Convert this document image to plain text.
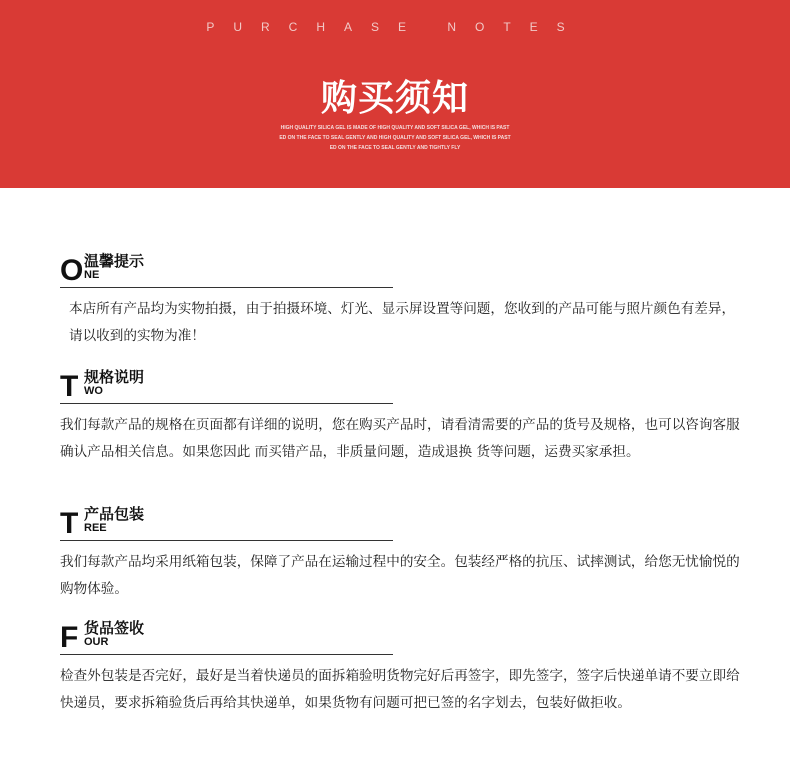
PURCHASE NOTES
购买须知
HIGH QUALITY SILICA GEL IS MADE OF HIGH QUALITY AND SOFT SILICA GEL, WHICH IS PAST
ED ON THE FACE TO SEAL GENTLY AND HIGH QUALITY AND SOFT SILICA GEL, WHICH IS PAST
ED ON THE FACE TO SEAL GENTLY AND TIGHTLY FLY
O 温馨提示
NE
本店所有产品均为实物拍摄，由于拍摄环境、灯光、显示屏设置等问题，您收到的产品可能与照片颜色有差异，请以收到的实物为准！
T 规格说明
WO
我们每款产品的规格在页面都有详细的说明，您在购买产品时，请看清需要的产品的货号及规格，也可以咨询客服确认产品相关信息。如果您因此 而买错产品，非质量问题，造成退换 货等问题，运费买家承担。
T 产品包装
REE
我们每款产品均采用纸箱包装，保障了产品在运输过程中的安全。包装经严格的抗压、试摔测试，给您无忧愉悦的购物体验。
F 货品签收
OUR
检查外包装是否完好，最好是当着快递员的面拆箱验明货物完好后再签字，即先签字，签字后快递单请不要立即给快递员，要求拆箱验货后再给其快递单，如果货物有问题可把已签的名字划去，包装好做拒收。
